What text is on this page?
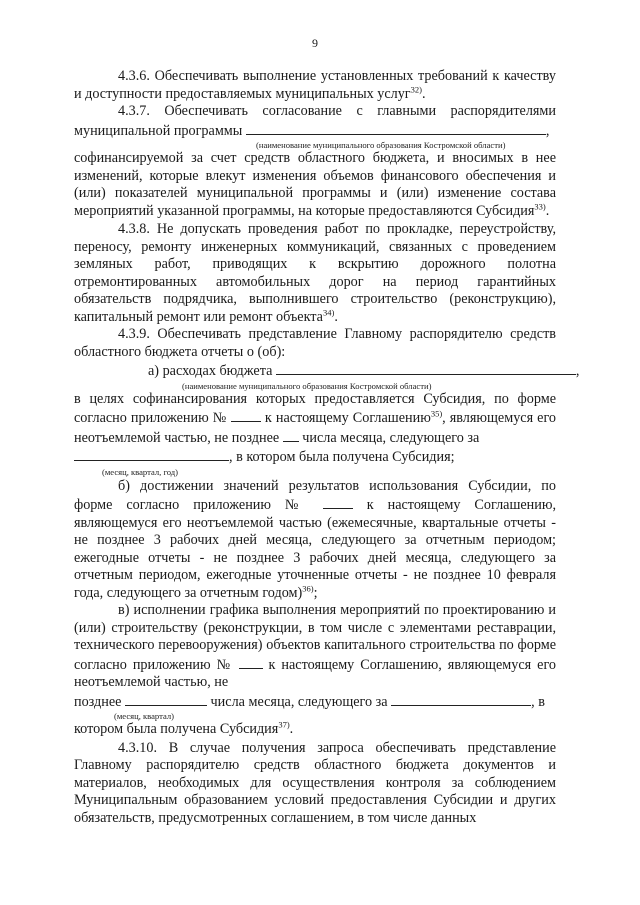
9

4.3.6. Обеспечивать выполнение установленных требований к качеству и доступности предоставляемых муниципальных услуг$^{32)}$.

4.3.7. Обеспечивать согласование с главными распорядителями

муниципальной программы	,

(наименование муниципального образования Костромской области)

софинансируемой за счет средств областного бюджета, и вносимых в нее изменений, которые влекут изменения объемов финансового обеспечения и (или) показателей муниципальной программы и (или) изменение состава мероприятий указанной программы, на которые предоставляются Субсидия$^{33)}$.

4.3.8. Не допускать проведения работ по прокладке, переустройству, переносу, ремонту инженерных коммуникаций, связанных с проведением земляных работ, приводящих к вскрытию дорожного полотна отремонтированных автомобильных дорог на период гарантийных обязательств подрядчика, выполнившего строительство (реконструкцию), капитальный ремонт или ремонт объекта$^{34)}$.

4.3.9. Обеспечивать представление Главному распорядителю средств областного бюджета отчеты о (об):

а) расходах бюджета	,

(наименование муниципального образования Костромской области)

в целях софинансирования которых предоставляется Субсидия, по форме согласно приложению №	к настоящему Соглашению$^{35)}$, являющемуся его неотъемлемой частью, не позднее числа месяца, следующего за

, в котором была получена Субсидия;

(месяц, квартал, год)

б) достижении значений результатов использования Субсидии, по форме согласно приложению №	к настоящему Соглашению, являющемуся его неотъемлемой частью (ежемесячные, квартальные отчеты - не позднее 3 рабочих дней месяца, следующего за отчетным периодом; ежегодные отчеты - не позднее 3 рабочих дней месяца, следующего за отчетным периодом, ежегодные уточненные отчеты - не позднее 10 февраля года, следующего за отчетным годом)$^{36)}$;

в) исполнении графика выполнения мероприятий по проектированию и (или) строительству (реконструкции, в том числе с элементами реставрации, технического перевооружения) объектов капитального строительства по форме согласно приложению №	к настоящему Соглашению, являющемуся его неотъемлемой частью, не

позднее	числа месяца, следующего за	, в

(месяц, квартал)

котором была получена Субсидия$^{37)}$.

4.3.10. В случае получения запроса обеспечивать представление Главному распорядителю средств областного бюджета документов и материалов, необходимых для осуществления контроля за соблюдением Муниципальным образованием условий предоставления Субсидии и других обязательств, предусмотренных соглашением, в том числе данных
